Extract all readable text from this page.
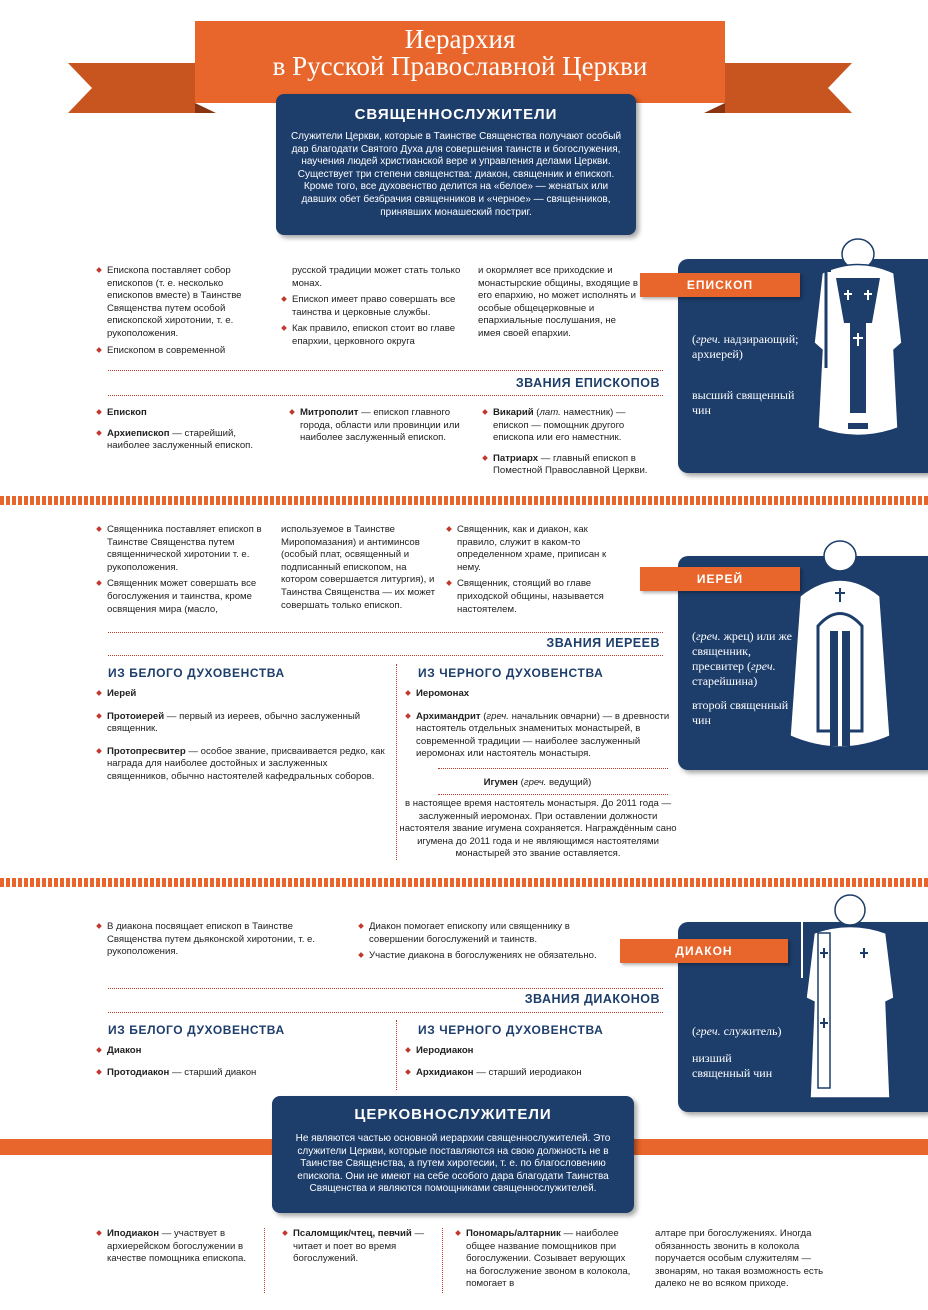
Иерархия
в Русской Православной Церкви
СВЯЩЕННОСЛУЖИТЕЛИ
Служители Церкви, которые в Таинстве Священства получают особый дар благодати Святого Духа для совершения таинств и богослужения, научения людей христианской вере и управления делами Церкви. Существует три степени священства: диакон, священник и епископ. Кроме того, все духовенство делится на «белое» — женатых или давших обет безбрачия священников и «черное» — священников, принявших монашеский постриг.
Епископа поставляет собор епископов (т. е. несколько епископов вместе) в Таинстве Священства путем особой епископской хиротонии, т. е. рукоположения.
Епископом в современной
русской традиции может стать только монах.
Епископ имеет право совершать все таинства и церковные службы.
Как правило, епископ стоит во главе епархии, церковного округа
и окормляет все приходские и монастырские общины, входящие в его епархию, но может исполнять и особые общецерковные и епархиальные послушания, не имея своей епархии.
ЗВАНИЯ ЕПИСКОПОВ
Епископ
Архиепископ — старейший, наиболее заслуженный епископ.
Митрополит — епископ главного города, области или провинции или наиболее заслуженный епископ.
Викарий (лат. наместник) — епископ — помощник другого епископа или его наместник.
Патриарх — главный епископ в Поместной Православной Церкви.
ЕПИСКОП
(греч. надзирающий; архиерей)
высший священный чин
Священника поставляет епископ в Таинстве Священства путем священнической хиротонии т. е. рукоположения.
Священник может совершать все богослужения и таинства, кроме освящения мира (масло,
используемое в Таинстве Миропомазания) и антиминсов (особый плат, освященный и подписанный епископом, на котором совершается литургия), и Таинства Священства — их может совершать только епископ.
Священник, как и диакон, как правило, служит в каком-то определенном храме, приписан к нему.
Священник, стоящий во главе приходской общины, называется настоятелем.
ЗВАНИЯ ИЕРЕЕВ
ИЗ БЕЛОГО ДУХОВЕНСТВА	ИЗ ЧЕРНОГО ДУХОВЕНСТВА
Иерей
Протоиерей — первый из иереев, обычно заслуженный священник.
Протопресвитер — особое звание, присваивается редко, как награда для наиболее достойных и заслуженных священников, обычно настоятелей кафедральных соборов.
Иеромонах
Архимандрит (греч. начальник овчарни) — в древности настоятель отдельных знаменитых монастырей, в современной традиции — наиболее заслуженный иеромонах или настоятель монастыря.
Игумен (греч. ведущий)
в настоящее время настоятель монастыря. До 2011 года — заслуженный иеромонах. При оставлении должности настоятеля звание игумена сохраняется. Награждённым сано игумена до 2011 года и не являющимся настоятелями монастырей это звание оставляется.
ИЕРЕЙ
(греч. жрец) или же священник, пресвитер (греч. старейшина)
второй священный чин
В диакона посвящает епископ в Таинстве Священства путем дьяконской хиротонии, т. е. рукоположения.
Диакон помогает епископу или священнику в совершении богослужений и таинств.
Участие диакона в богослужениях не обязательно.
ЗВАНИЯ ДИАКОНОВ
ИЗ БЕЛОГО ДУХОВЕНСТВА	ИЗ ЧЕРНОГО ДУХОВЕНСТВА
Диакон
Протодиакон — старший диакон
Иеродиакон
Архидиакон — старший иеродиакон
ДИАКОН
(греч. служитель)
низший священный чин
ЦЕРКОВНОСЛУЖИТЕЛИ
Не являются частью основной иерархии священнослужителей. Это служители Церкви, которые поставляются на свою должность не в Таинстве Священства, а путем хиротесии, т. е. по благословению епископа. Они не имеют на себе особого дара благодати Таинства Священства и являются помощниками священнослужителей.
Иподиакон — участвует в архиерейском богослужении в качестве помощника епископа.
Псаломщик/чтец, певчий — читает и поет во время богослужений.
Пономарь/алтарник — наиболее общее название помощников при богослужении. Созывает верующих на богослужение звоном в колокола, помогает в
алтаре при богослужениях. Иногда обязанность звонить в колокола поручается особым служителям — звонарям, но такая возможность есть далеко не во всяком приходе.
